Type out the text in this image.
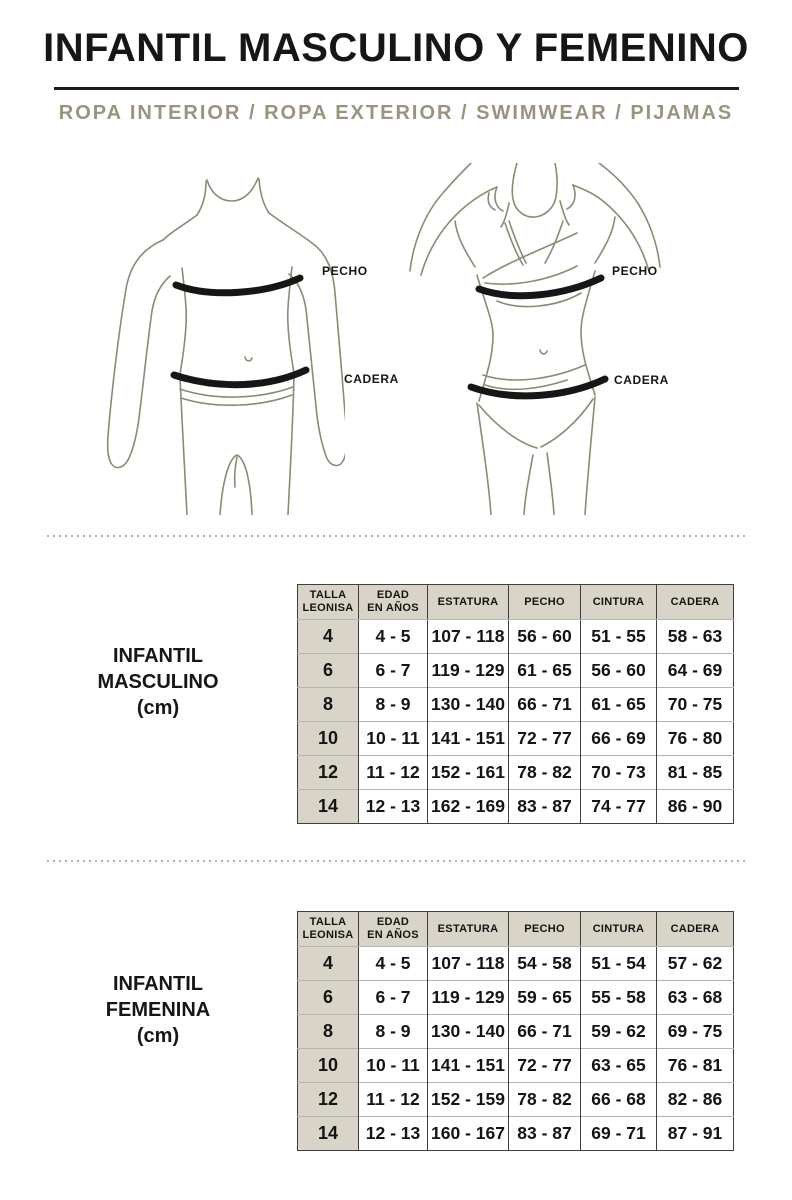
INFANTIL MASCULINO Y FEMENINO
ROPA INTERIOR / ROPA EXTERIOR / SWIMWEAR / PIJAMAS
PECHO
CADERA
PECHO
CADERA
INFANTIL
MASCULINO
(cm)
TALLA
LEONISA	EDAD
EN AÑOS	ESTATURA	PECHO	CINTURA	CADERA
4	4 - 5	107 - 118	56 - 60	51 - 55	58 - 63
6	6 - 7	119 - 129	61 - 65	56 - 60	64 - 69
8	8 - 9	130 - 140	66 - 71	61 - 65	70 - 75
10	10 - 11	141 - 151	72 - 77	66 - 69	76 - 80
12	11 - 12	152 - 161	78 - 82	70 - 73	81 - 85
14	12 - 13	162 - 169	83 - 87	74 - 77	86 - 90
INFANTIL
FEMENINA
(cm)
TALLA
LEONISA	EDAD
EN AÑOS	ESTATURA	PECHO	CINTURA	CADERA
4	4 - 5	107 - 118	54 - 58	51 - 54	57 - 62
6	6 - 7	119 - 129	59 - 65	55 - 58	63 - 68
8	8 - 9	130 - 140	66 - 71	59 - 62	69 - 75
10	10 - 11	141 - 151	72 - 77	63 - 65	76 - 81
12	11 - 12	152 - 159	78 - 82	66 - 68	82 - 86
14	12 - 13	160 - 167	83 - 87	69 - 71	87 - 91
